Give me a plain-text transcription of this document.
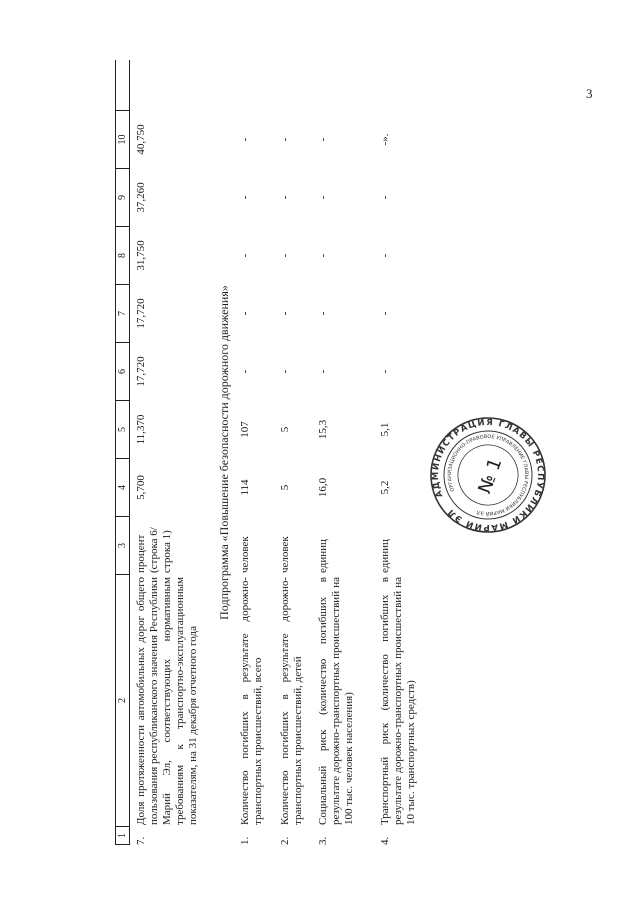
3
1
2
3
4
5
6
7
8
9
10
7.
Доля протяженности автомобильных дорог общего пользования республиканского значения Республики Марий Эл, соответствующих нормативным требованиям к транспортно-эксплуатационным показателям, на 31 декабря отчетного года
процент (строка 6/ строка 1)
5,700
11,370
17,720
17,720
31,750
37,260
40,750
Подпрограмма «Повышение безопасности дорожного движения»
1.
Количество погибших в результате дорожно-транспортных происшествий, всего
человек
114
107
-
-
-
-
-
2.
Количество погибших в результате дорожно-транспортных происшествий, детей
человек
5
5
-
-
-
-
-
3.
Социальный риск (количество погибших в результате дорожно-транспортных происшествий на 100 тыс. человек населения)
единиц
16,0
15,3
-
-
-
-
-
4.
Транспортный риск (количество погибших в результате дорожно-транспортных происшествий на 10 тыс. транспортных средств)
единиц
5,2
5,1
-
-
-
-
-».
АДМИНИСТРАЦИЯ ГЛАВЫ РЕСПУБЛИКИ МАРИЙ ЭЛ
ОРГАНИЗАЦИОННО-ПРАВОВОЕ УПРАВЛЕНИЕ ГЛАВЫ РЕСПУБЛИКИ МАРИЙ ЭЛ
№ 1
